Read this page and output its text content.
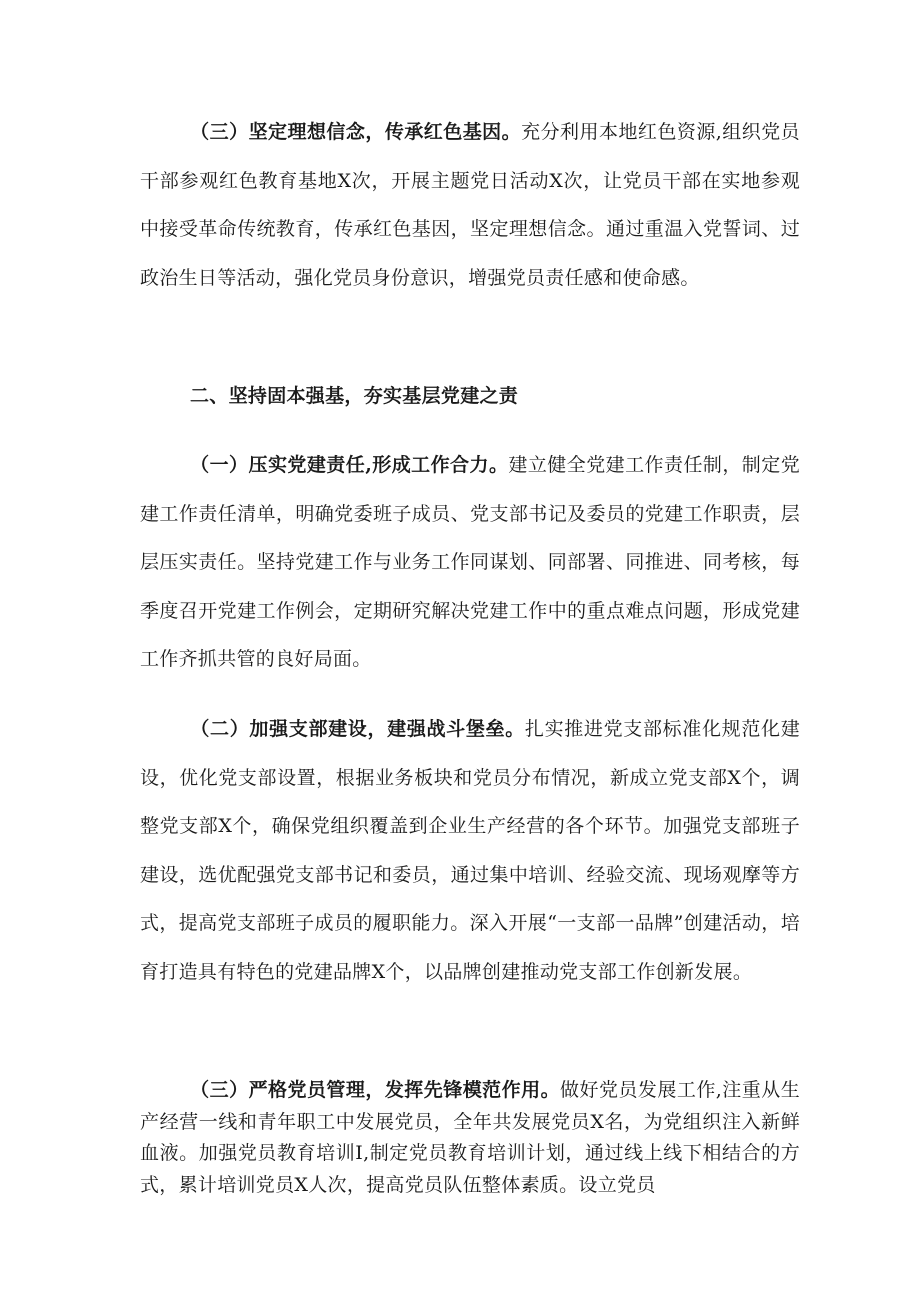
（三）坚定理想信念，传承红色基因。充分利用本地红色资源,组织党员干部参观红色教育基地X次，开展主题党日活动X次，让党员干部在实地参观中接受革命传统教育，传承红色基因，坚定理想信念。通过重温入党誓词、过政治生日等活动，强化党员身份意识，增强党员责任感和使命感。

二、坚持固本强基，夯实基层党建之责

（一）压实党建责任,形成工作合力。建立健全党建工作责任制，制定党建工作责任清单，明确党委班子成员、党支部书记及委员的党建工作职责，层层压实责任。坚持党建工作与业务工作同谋划、同部署、同推进、同考核，每季度召开党建工作例会，定期研究解决党建工作中的重点难点问题，形成党建工作齐抓共管的良好局面。

（二）加强支部建设，建强战斗堡垒。扎实推进党支部标准化规范化建设，优化党支部设置，根据业务板块和党员分布情况，新成立党支部X个，调整党支部X个，确保党组织覆盖到企业生产经营的各个环节。加强党支部班子建设，选优配强党支部书记和委员，通过集中培训、经验交流、现场观摩等方式，提高党支部班子成员的履职能力。深入开展“一支部一品牌”创建活动，培育打造具有特色的党建品牌X个，以品牌创建推动党支部工作创新发展。

（三）严格党员管理，发挥先锋模范作用。做好党员发展工作,注重从生产经营一线和青年职工中发展党员，全年共发展党员X名，为党组织注入新鲜血液。加强党员教育培训I,制定党员教育培训计划，通过线上线下相结合的方式，累计培训党员X人次，提高党员队伍整体素质。设立党员
